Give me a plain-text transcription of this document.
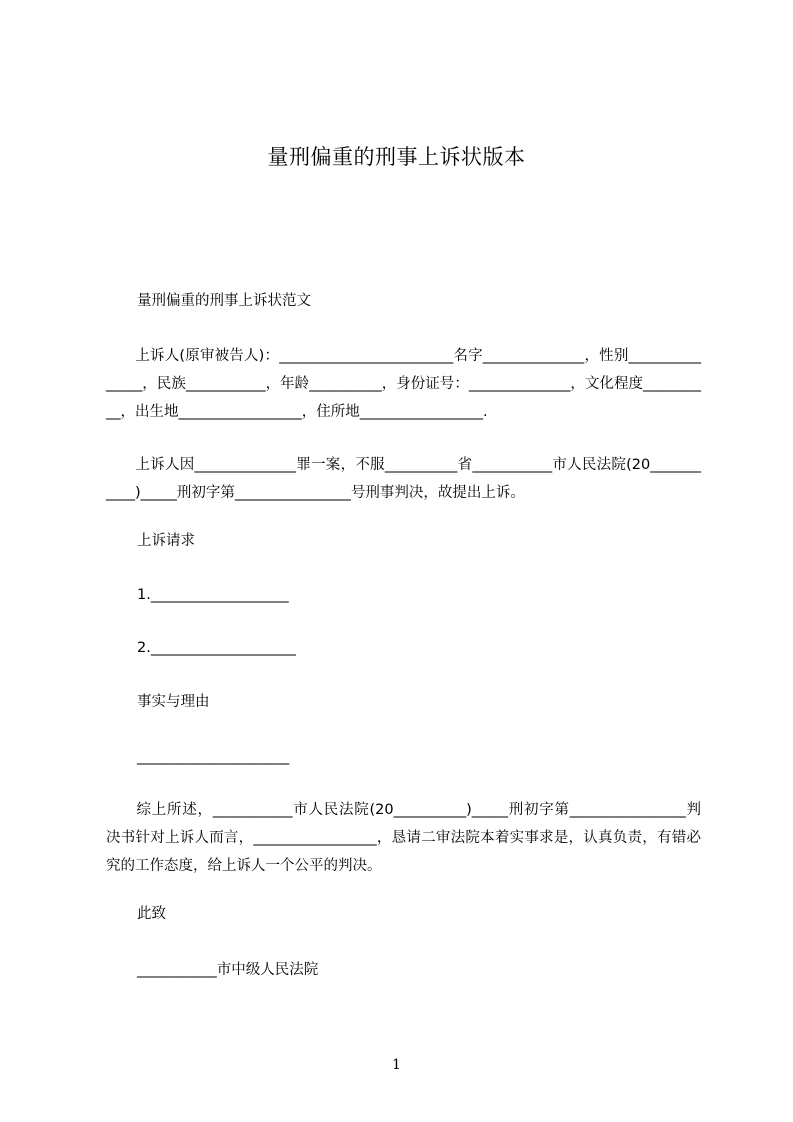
量刑偏重的刑事上诉状版本
量刑偏重的刑事上诉状范文
　　上诉人(原审被告人)：________________________名字______________，性别_______________，民族___________，年龄__________，身份证号：______________，文化程度__________，出生地_________________，住所地_________________.
　　上诉人因______________罪一案，不服__________省___________市人民法院(20___________)_____刑初字第________________号刑事判决，故提出上诉。
上诉请求
1.___________________
2.____________________
事实与理由
_____________________
　　综上所述，___________市人民法院(20__________)_____刑初字第________________判决书针对上诉人而言，_________________，恳请二审法院本着实事求是，认真负责，有错必究的工作态度，给上诉人一个公平的判决。
此致
___________市中级人民法院
1
